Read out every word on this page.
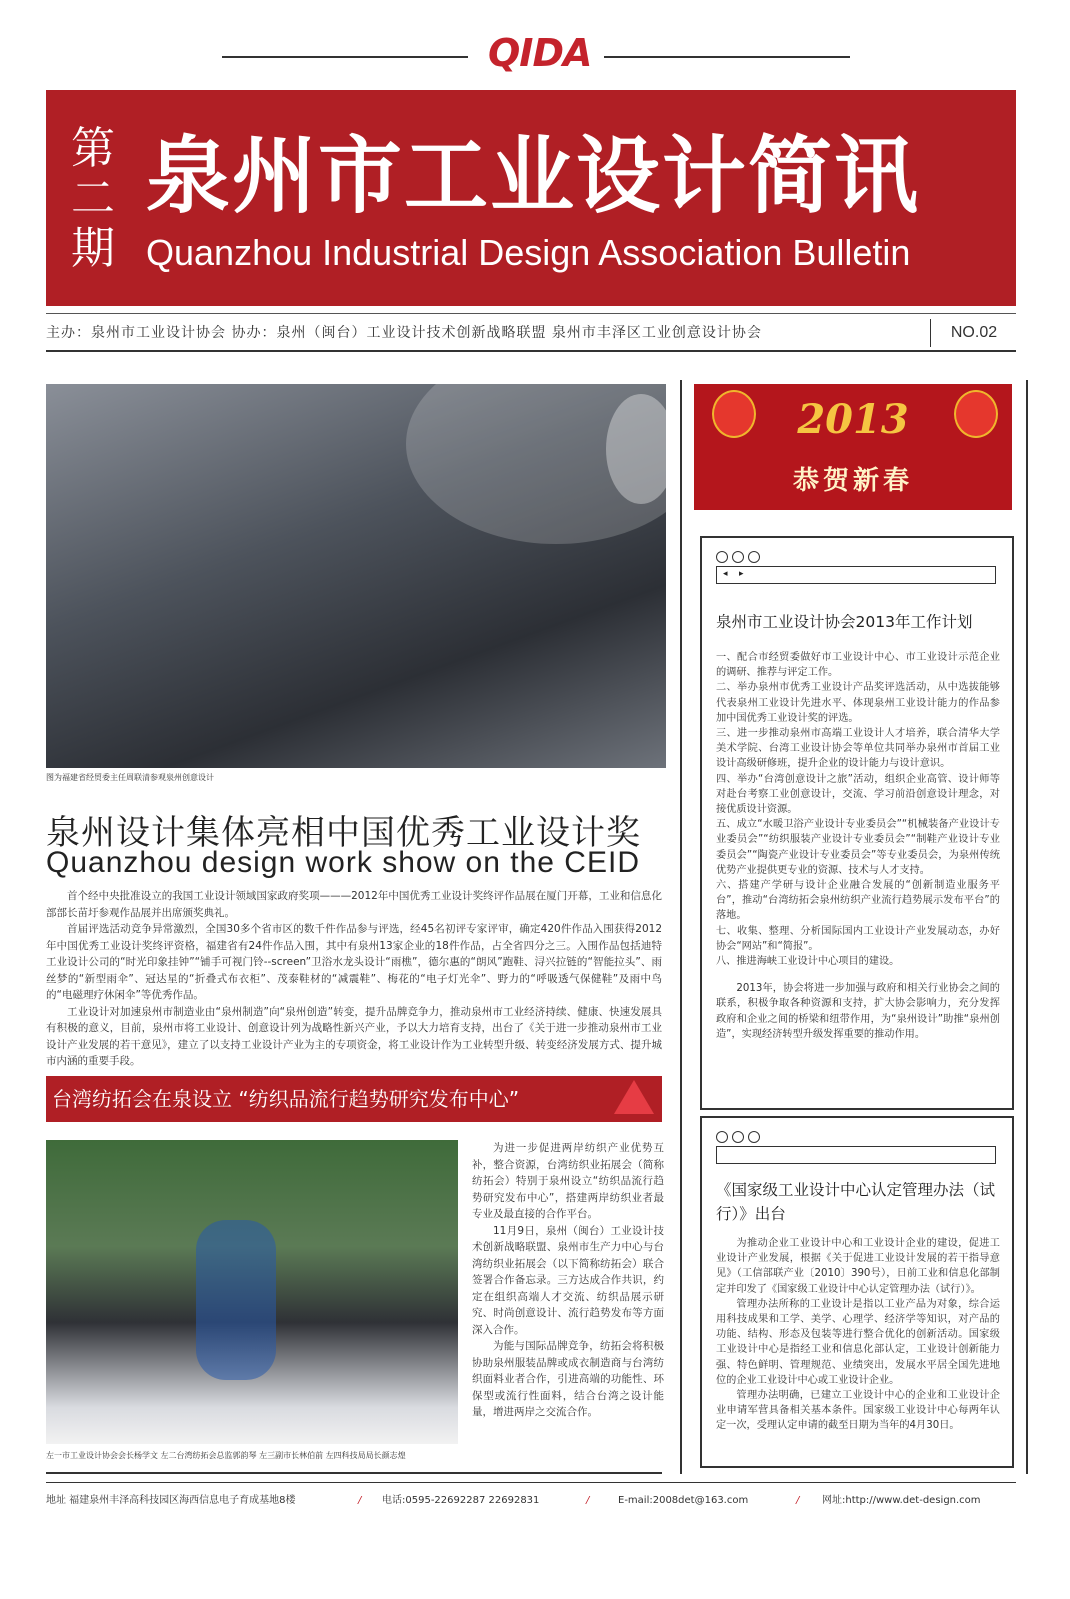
QIDA
第
二
期
泉州市工业设计简讯
Quanzhou Industrial Design Association Bulletin
主办：泉州市工业设计协会 协办：泉州（闽台）工业设计技术创新战略联盟 泉州市丰泽区工业创意设计协会	NO.02
图为福建省经贸委主任周联清参观泉州创意设计
泉州设计集体亮相中国优秀工业设计奖
Quanzhou design work show on the CEID

首个经中央批准设立的我国工业设计领域国家政府奖项———2012年中国优秀工业设计奖终评作品展在厦门开幕，工业和信息化部部长苗圩参观作品展并出席颁奖典礼。

首届评选活动竞争异常激烈，全国30多个省市区的数千件作品参与评选，经45名初评专家评审，确定420件作品入围获得2012年中国优秀工业设计奖终评资格，福建省有24件作品入围，其中有泉州13家企业的18件作品，占全省四分之三。入围作品包括迪特工业设计公司的“时光印象挂钟”“铺手可视门铃--screen”卫浴水龙头设计“雨樵”，德尔惠的“朗风”跑鞋、浔兴拉链的“智能拉头”、雨丝梦的“新型雨伞”、冠达星的“折叠式布衣柜”、茂泰鞋材的“减震鞋”、梅花的“电子灯光伞”、野力的“呼吸透气保健鞋”及雨中鸟的“电磁理疗休闲伞”等优秀作品。

工业设计对加速泉州市制造业由“泉州制造”向“泉州创造”转变，提升品牌竞争力，推动泉州市工业经济持续、健康、快速发展具有积极的意义，目前，泉州市将工业设计、创意设计列为战略性新兴产业，予以大力培育支持，出台了《关于进一步推动泉州市工业设计产业发展的若干意见》，建立了以支持工业设计产业为主的专项资金，将工业设计作为工业转型升级、转变经济发展方式、提升城市内涵的重要手段。

台湾纺拓会在泉设立 “纺织品流行趋势研究发布中心”
左一市工业设计协会会长杨学文 左二台湾纺拓会总监郭韵琴 左三副市长林伯前 左四科技局局长颜志煌

为进一步促进两岸纺织产业优势互补，整合资源，台湾纺织业拓展会（简称纺拓会）特别于泉州设立“纺织品流行趋势研究发布中心”，搭建两岸纺织业者最专业及最直接的合作平台。

11月9日，泉州（闽台）工业设计技术创新战略联盟、泉州市生产力中心与台湾纺织业拓展会（以下简称纺拓会）联合签署合作备忘录。三方达成合作共识，约定在组织高端人才交流、纺织品展示研究、时尚创意设计、流行趋势发布等方面深入合作。

为能与国际品牌竞争，纺拓会将积极协助泉州服装品牌或成衣制造商与台湾纺织面料业者合作，引进高端的功能性、环保型或流行性面料，结合台湾之设计能量，增进两岸之交流合作。

2013
恭贺新春
◂ ▸
泉州市工业设计协会2013年工作计划

一、配合市经贸委做好市工业设计中心、市工业设计示范企业的调研、推荐与评定工作。

二、举办泉州市优秀工业设计产品奖评选活动，从中选拔能够代表泉州工业设计先进水平、体现泉州工业设计能力的作品参加中国优秀工业设计奖的评选。

三、进一步推动泉州市高端工业设计人才培养，联合清华大学美术学院、台湾工业设计协会等单位共同举办泉州市首届工业设计高级研修班，提升企业的设计能力与设计意识。

四、举办“台湾创意设计之旅”活动，组织企业高管、设计师等对赴台考察工业创意设计，交流、学习前沿创意设计理念，对接优质设计资源。

五、成立“水暖卫浴产业设计专业委员会”“机械装备产业设计专业委员会”“纺织服装产业设计专业委员会”“制鞋产业设计专业委员会”“陶瓷产业设计专业委员会”等专业委员会，为泉州传统优势产业提供更专业的资源、技术与人才支持。

六、搭建产学研与设计企业融合发展的“创新制造业服务平台”，推动“台湾纺拓会泉州纺织产业流行趋势展示发布平台”的落地。

七、收集、整理、分析国际国内工业设计产业发展动态，办好协会“网站”和“简报”。

八、推进海峡工业设计中心项目的建设。

2013年，协会将进一步加强与政府和相关行业协会之间的联系，积极争取各种资源和支持，扩大协会影响力，充分发挥政府和企业之间的桥梁和纽带作用，为“泉州设计”助推“泉州创造”，实现经济转型升级发挥重要的推动作用。

《国家级工业设计中心认定管理办法（试行）》出台

为推动企业工业设计中心和工业设计企业的建设，促进工业设计产业发展，根据《关于促进工业设计发展的若干指导意见》（工信部联产业〔2010〕390号），日前工业和信息化部制定并印发了《国家级工业设计中心认定管理办法（试行）》。

管理办法所称的工业设计是指以工业产品为对象，综合运用科技成果和工学、美学、心理学、经济学等知识，对产品的功能、结构、形态及包装等进行整合优化的创新活动。国家级工业设计中心是指经工业和信息化部认定，工业设计创新能力强、特色鲜明、管理规范、业绩突出，发展水平居全国先进地位的企业工业设计中心或工业设计企业。

管理办法明确，已建立工业设计中心的企业和工业设计企业申请军营具备相关基本条件。国家级工业设计中心每两年认定一次，受理认定申请的截至日期为当年的4月30日。

地址 福建泉州丰泽高科技园区海西信息电子育成基地8楼	/ 电话:0595-22692287 22692831	/	E-mail:2008det@163.com	/ 网址:http://www.det-design.com
